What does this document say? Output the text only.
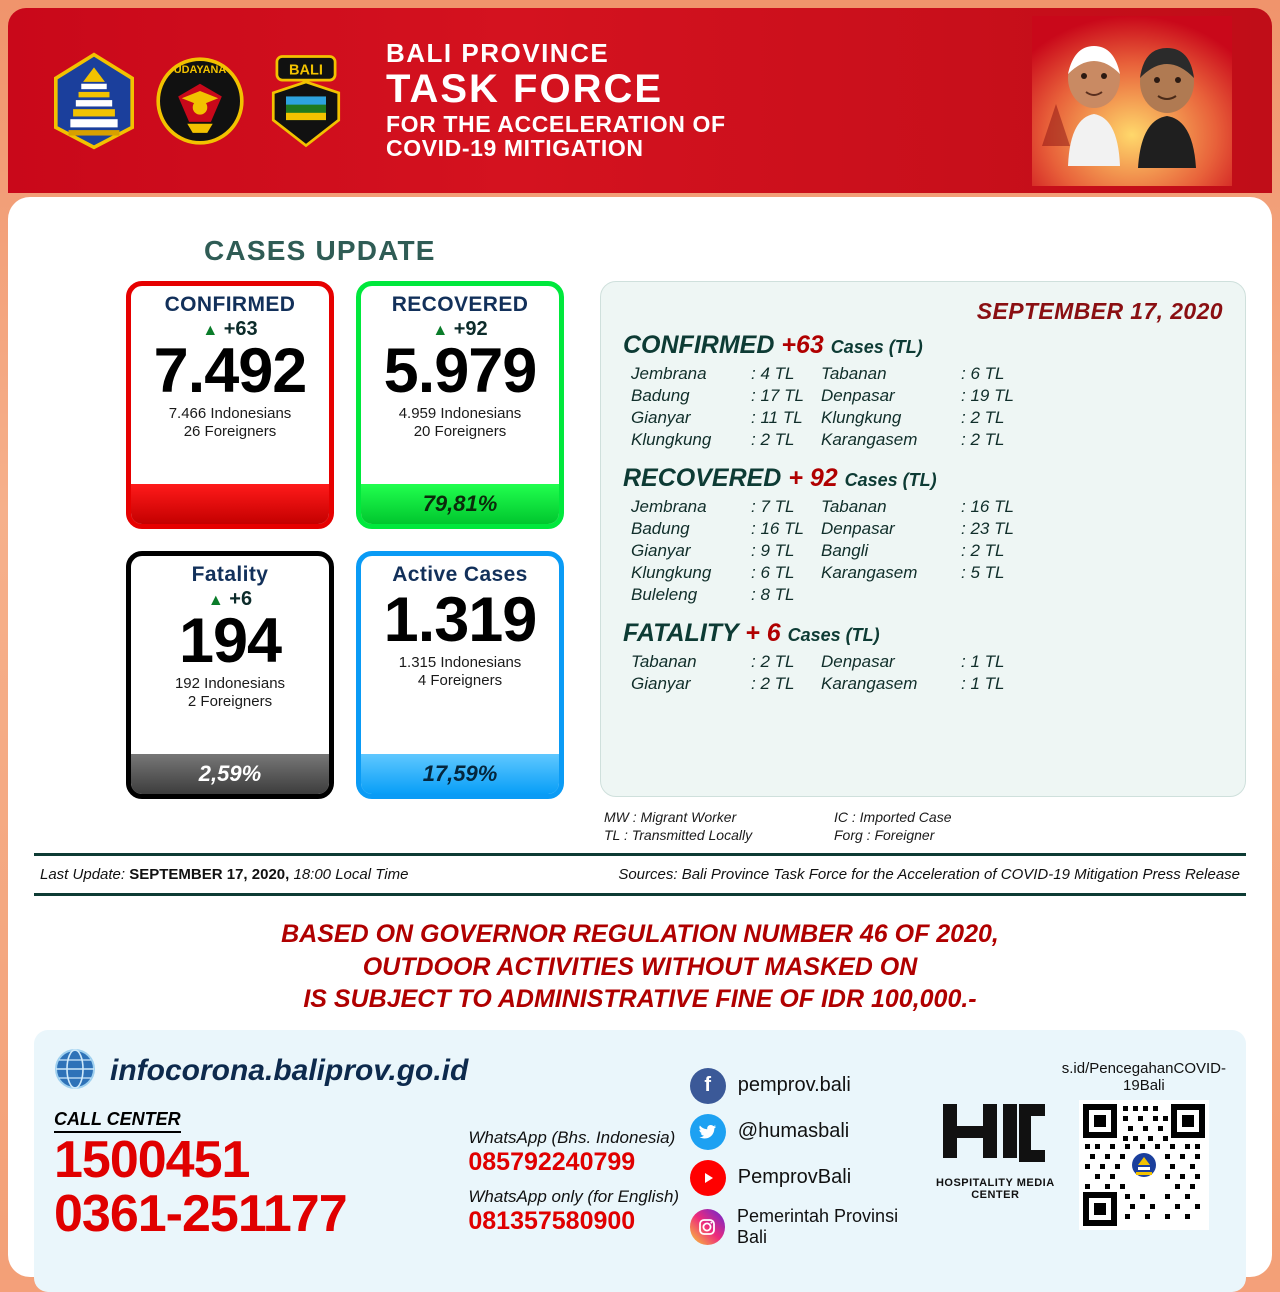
UDAYANA	BALI
BALI PROVINCE
TASK FORCE
FOR THE ACCELERATION OF
COVID-19 MITIGATION
CASES UPDATE
CONFIRMED
▲ +63
7.492
7.466 Indonesians
26 Foreigners
RECOVERED
▲ +92
5.979
4.959 Indonesians
20 Foreigners
79,81%
Fatality
▲ +6
194
192 Indonesians
2 Foreigners
2,59%
Active Cases
1.319
1.315 Indonesians
4 Foreigners
17,59%
SEPTEMBER 17, 2020
CONFIRMED +63 Cases (TL)
Jembrana	: 4 TL	Tabanan	: 6 TL
Badung	: 17 TL	Denpasar	: 19 TL
Gianyar	: 11 TL	Klungkung	: 2 TL
Klungkung	: 2 TL	Karangasem	: 2 TL
RECOVERED + 92 Cases (TL)
Jembrana	: 7 TL	Tabanan	: 16 TL
Badung	: 16 TL	Denpasar	: 23 TL
Gianyar	: 9 TL	Bangli	: 2 TL
Klungkung	: 6 TL	Karangasem	: 5 TL
Buleleng	: 8 TL
FATALITY + 6 Cases (TL)
Tabanan	: 2 TL	Denpasar	: 1 TL
Gianyar	: 2 TL	Karangasem	: 1 TL
MW : Migrant Worker	IC : Imported Case
TL : Transmitted Locally	Forg : Foreigner
Last Update: SEPTEMBER 17, 2020, 18:00 Local Time	Sources: Bali Province Task Force for the Acceleration of COVID-19 Mitigation Press Release
BASED ON GOVERNOR REGULATION NUMBER 46 OF 2020,
OUTDOOR ACTIVITIES WITHOUT MASKED ON
IS SUBJECT TO ADMINISTRATIVE FINE OF IDR 100,000.-
infocorona.baliprov.go.id
CALL CENTER
1500451
0361-251177
WhatsApp (Bhs. Indonesia)
085792240799
WhatsApp only (for English)
081357580900
f	pemprov.bali
@humasbali
PemprovBali
Pemerintah Provinsi Bali
HOSPITALITY MEDIA CENTER
s.id/PencegahanCOVID-19Bali
